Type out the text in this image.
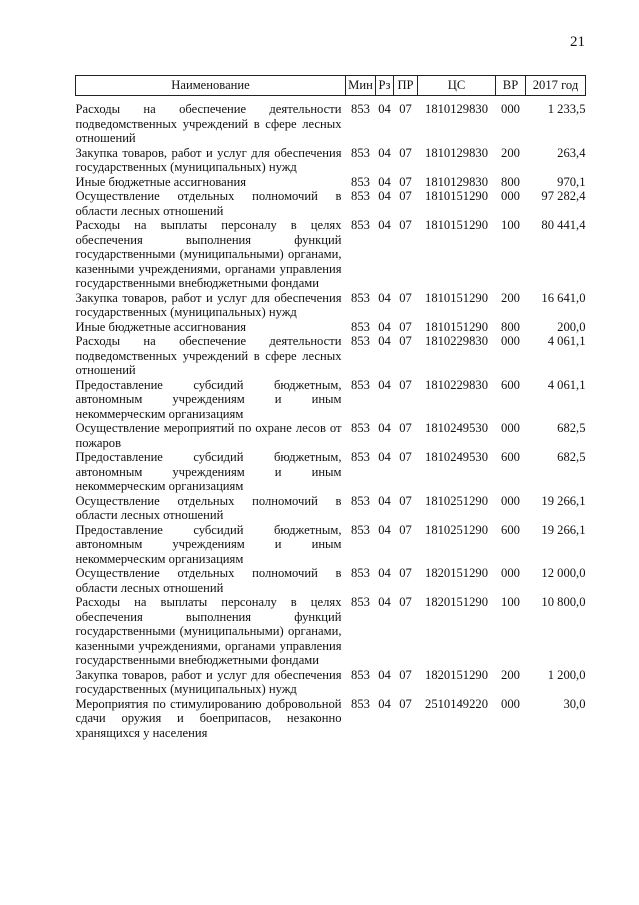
21
Наименование	Мин	Рз	ПР	ЦС	ВР	2017 год
Расходы на обеспечение деятельности подведомственных учреждений в сфере лесных отношений	853	04	07	1810129830	000	1 233,5
Закупка товаров, работ и услуг для обеспечения государственных (муниципальных) нужд	853	04	07	1810129830	200	263,4
Иные бюджетные ассигнования	853	04	07	1810129830	800	970,1
Осуществление отдельных полномочий в области лесных отношений	853	04	07	1810151290	000	97 282,4
Расходы на выплаты персоналу в целях обеспечения выполнения функций государственными (муниципальными) органами, казенными учреждениями, органами управления государственными внебюджетными фондами	853	04	07	1810151290	100	80 441,4
Закупка товаров, работ и услуг для обеспечения государственных (муниципальных) нужд	853	04	07	1810151290	200	16 641,0
Иные бюджетные ассигнования	853	04	07	1810151290	800	200,0
Расходы на обеспечение деятельности подведомственных учреждений в сфере лесных отношений	853	04	07	1810229830	000	4 061,1
Предоставление субсидий бюджетным, автономным учреждениям и иным некоммерческим организациям	853	04	07	1810229830	600	4 061,1
Осуществление мероприятий по охране лесов от пожаров	853	04	07	1810249530	000	682,5
Предоставление субсидий бюджетным, автономным учреждениям и иным некоммерческим организациям	853	04	07	1810249530	600	682,5
Осуществление отдельных полномочий в области лесных отношений	853	04	07	1810251290	000	19 266,1
Предоставление субсидий бюджетным, автономным учреждениям и иным некоммерческим организациям	853	04	07	1810251290	600	19 266,1
Осуществление отдельных полномочий в области лесных отношений	853	04	07	1820151290	000	12 000,0
Расходы на выплаты персоналу в целях обеспечения выполнения функций государственными (муниципальными) органами, казенными учреждениями, органами управления государственными внебюджетными фондами	853	04	07	1820151290	100	10 800,0
Закупка товаров, работ и услуг для обеспечения государственных (муниципальных) нужд	853	04	07	1820151290	200	1 200,0
Мероприятия по стимулированию добровольной сдачи оружия и боеприпасов, незаконно хранящихся у населения	853	04	07	2510149220	000	30,0
